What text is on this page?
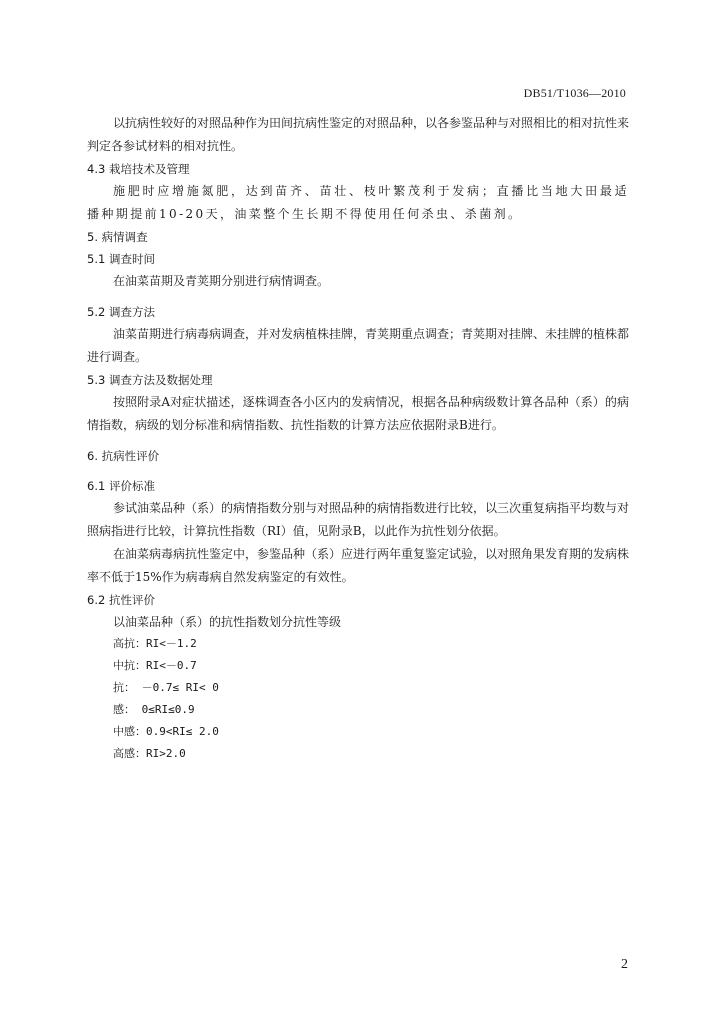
DB51/T1036—2010

以抗病性较好的对照品种作为田间抗病性鉴定的对照品种，以各参鉴品种与对照相比的相对抗性来判定各参试材料的相对抗性。

4.3 栽培技术及管理

施肥时应增施氮肥，达到苗齐、苗壮、枝叶繁茂利于发病；直播比当地大田最适播种期提前10-20天，油菜整个生长期不得使用任何杀虫、杀菌剂。

5. 病情调查

5.1 调查时间

在油菜苗期及青荚期分别进行病情调查。

5.2 调查方法

油菜苗期进行病毒病调查，并对发病植株挂牌，青荚期重点调查；青荚期对挂牌、未挂牌的植株都进行调查。

5.3 调查方法及数据处理

按照附录A对症状描述，逐株调查各小区内的发病情况，根据各品种病级数计算各品种（系）的病情指数，病级的划分标准和病情指数、抗性指数的计算方法应依据附录B进行。

6. 抗病性评价

6.1 评价标准

参试油菜品种（系）的病情指数分别与对照品种的病情指数进行比较，以三次重复病指平均数与对照病指进行比较，计算抗性指数（RI）值，见附录B，以此作为抗性划分依据。

在油菜病毒病抗性鉴定中，参鉴品种（系）应进行两年重复鉴定试验，以对照角果发育期的发病株率不低于15%作为病毒病自然发病鉴定的有效性。

6.2 抗性评价

以油菜品种（系）的抗性指数划分抗性等级

高抗：RI<－1.2

中抗：RI<－0.7

抗： －0.7≤ RI< 0

感： 0≤RI≤0.9

中感：0.9<RI≤ 2.0

高感：RI>2.0

2
